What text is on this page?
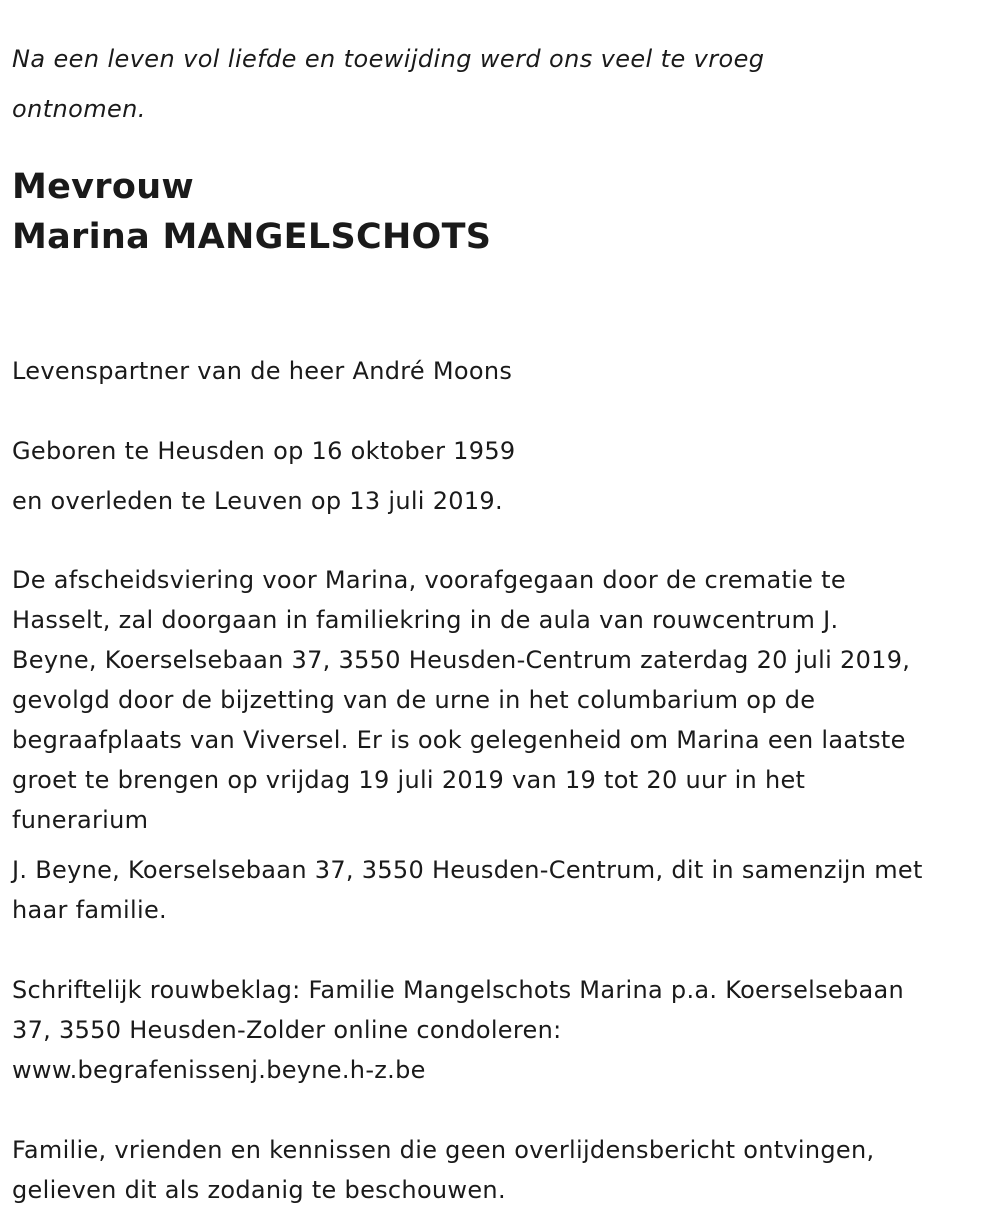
Na een leven vol liefde en toewijding werd ons veel te vroeg
ontnomen.
Mevrouw
Marina MANGELSCHOTS
Levenspartner van de heer André Moons
Geboren te Heusden op 16 oktober 1959
en overleden te Leuven op 13 juli 2019.
De afscheidsviering voor Marina, voorafgegaan door de crematie te
Hasselt, zal doorgaan in familiekring in de aula van rouwcentrum J.
Beyne, Koerselsebaan 37, 3550 Heusden-Centrum zaterdag 20 juli 2019,
gevolgd door de bijzetting van de urne in het columbarium op de
begraafplaats van Viversel. Er is ook gelegenheid om Marina een laatste
groet te brengen op vrijdag 19 juli 2019 van 19 tot 20 uur in het
funerarium
J. Beyne, Koerselsebaan 37, 3550 Heusden-Centrum, dit in samenzijn met
haar familie.
Schriftelijk rouwbeklag: Familie Mangelschots Marina p.a. Koerselsebaan
37, 3550 Heusden-Zolder online condoleren:
www.begrafenissenj.beyne.h-z.be
Familie, vrienden en kennissen die geen overlijdensbericht ontvingen,
gelieven dit als zodanig te beschouwen.
